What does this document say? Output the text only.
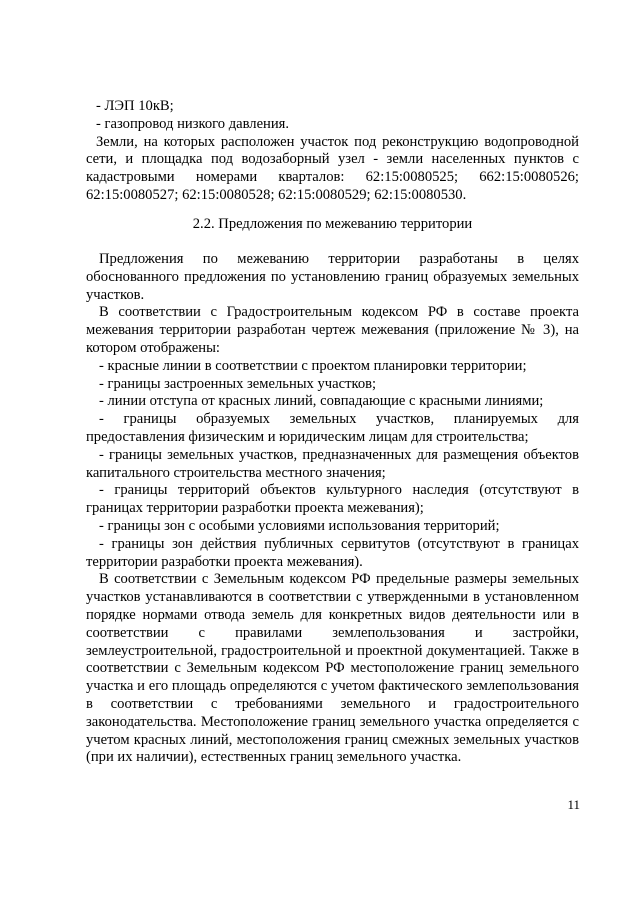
- ЛЭП 10кВ;

- газопровод низкого давления.

Земли, на которых расположен участок под реконструкцию водопроводной сети, и площадка под водозаборный узел - земли населенных пунктов с кадастровыми номерами кварталов: 62:15:0080525; 662:15:0080526; 62:15:0080527; 62:15:0080528; 62:15:0080529; 62:15:0080530.

2.2. Предложения по межеванию территории

Предложения по межеванию территории разработаны в целях обоснованного предложения по установлению границ образуемых земельных участков.

В соответствии с Градостроительным кодексом РФ в составе проекта межевания территории разработан чертеж межевания (приложение № 3), на котором отображены:

- красные линии в соответствии с проектом планировки территории;

- границы застроенных земельных участков;

- линии отступа от красных линий, совпадающие с красными линиями;

- границы образуемых земельных участков, планируемых для предоставления физическим и юридическим лицам для строительства;

- границы земельных участков, предназначенных для размещения объектов капитального строительства местного значения;

- границы территорий объектов культурного наследия (отсутствуют в границах территории разработки проекта межевания);

- границы зон с особыми условиями использования территорий;

- границы зон действия публичных сервитутов (отсутствуют в границах территории разработки проекта межевания).

В соответствии с Земельным кодексом РФ предельные размеры земельных участков устанавливаются в соответствии с утвержденными в установленном порядке нормами отвода земель для конкретных видов деятельности или в соответствии с правилами землепользования и застройки, землеустроительной, градостроительной и проектной документацией. Также в соответствии с Земельным кодексом РФ местоположение границ земельного участка и его площадь определяются с учетом фактического землепользования в соответствии с требованиями земельного и градостроительного законодательства. Местоположение границ земельного участка определяется с учетом красных линий, местоположения границ смежных земельных участков (при их наличии), естественных границ земельного участка.

11
